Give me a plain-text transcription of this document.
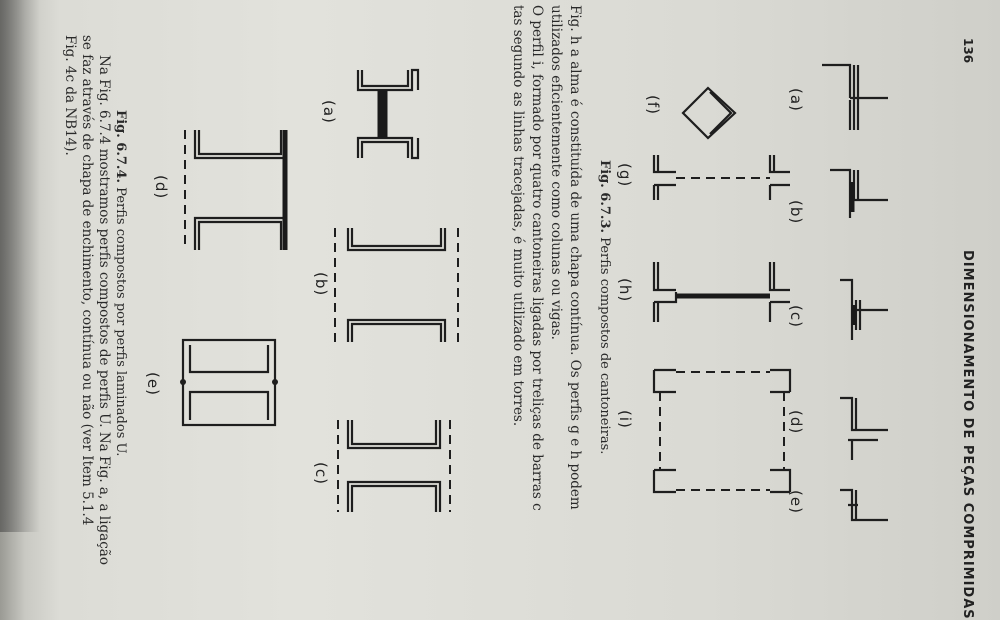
DIMENSIONAMENTO DE PEÇAS COMPRIMIDAS
136
(a)
(b)
(c)
(d)
(e)
(f)
(g)
(h)
(i)
Fig. 6.7.3. Perfis compostos de cantoneiras.
Fig. h a alma é constituída de uma chapa contínua. Os perfis g e h podem
utilizados eficientemente como colunas ou vigas.
O perfil i, formado por quatro cantoneiras ligadas por treliças de barras c
tas segundo as linhas tracejadas, é muito utilizado em torres.
(a)
(b)
(c)
(d)
(e)
Fig. 6.7.4. Perfis compostos por perfis laminados U.
Na Fig. 6.7.4 mostramos perfis compostos de perfis U. Na Fig. a, a ligação
se faz através de chapa de enchimento, contínua ou não (ver Item 5.1.4
Fig. 4c da NB14).
